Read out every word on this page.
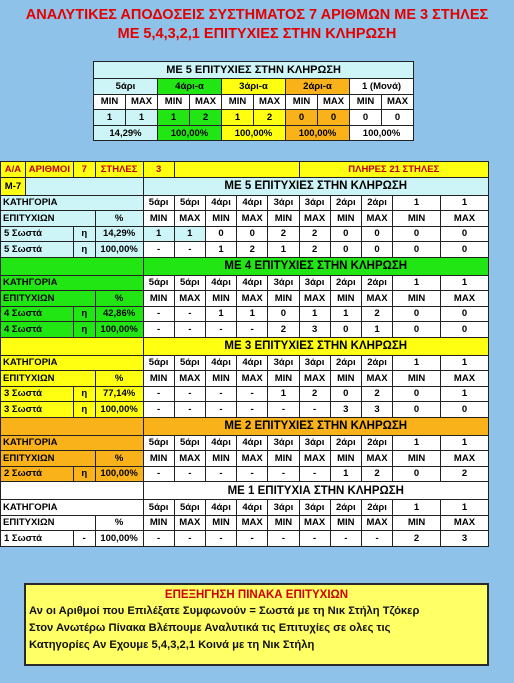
ΑΝΑΛΥΤΙΚΕΣ ΑΠΟΔΟΣΕΙΣ ΣΥΣΤΗΜΑΤΟΣ 7 ΑΡΙΘΜΩΝ ΜΕ 3 ΣΤΗΛΕΣ
ΜΕ 5,4,3,2,1 ΕΠΙΤΥΧΙΕΣ ΣΤΗΝ ΚΛΗΡΩΣΗ
ΜΕ 5 ΕΠΙΤΥΧΙΕΣ ΣΤΗΝ ΚΛΗΡΩΣΗ									
5άρι		4άρι-α		3άρι-α		2άρι-α		1 (Μονά)	
MIN	MAX	MIN	MAX	MIN	MAX	MIN	MAX	MIN	MAX
1	1	1	2	1	2	0	0	0	0
14,29%		100,00%		100,00%		100,00%		100,00%	
A/A	ΑΡΙΘΜΟΙ	7	ΣΤΗΛΕΣ	3					ΠΛΗΡΕΣ 21 ΣΤΗΛΕΣ				
M-7				ΜΕ 5 ΕΠΙΤΥΧΙΕΣ ΣΤΗΝ ΚΛΗΡΩΣΗ									
ΚΑΤΗΓΟΡΙΑ				5άρι	5άρι	4άρι	4άρι	3άρι	3άρι	2άρι	2άρι	1	1
ΕΠΙΤΥΧΙΩΝ			%	MIN	MAX	MIN	MAX	MIN	MAX	MIN	MAX	MIN	MAX
5 Σωστά		η	14,29%	1	1	0	0	2	2	0	0	0	0
5 Σωστά		η	100,00%	-	-	1	2	1	2	0	0	0	0
				ΜΕ 4 ΕΠΙΤΥΧΙΕΣ ΣΤΗΝ ΚΛΗΡΩΣΗ									
ΚΑΤΗΓΟΡΙΑ				5άρι	5άρι	4άρι	4άρι	3άρι	3άρι	2άρι	2άρι	1	1
ΕΠΙΤΥΧΙΩΝ			%	MIN	MAX	MIN	MAX	MIN	MAX	MIN	MAX	MIN	MAX
4 Σωστά		η	42,86%	-	-	1	1	0	1	1	2	0	0
4 Σωστά		η	100,00%	-	-	-	-	2	3	0	1	0	0
				ΜΕ 3 ΕΠΙΤΥΧΙΕΣ ΣΤΗΝ ΚΛΗΡΩΣΗ									
ΚΑΤΗΓΟΡΙΑ				5άρι	5άρι	4άρι	4άρι	3άρι	3άρι	2άρι	2άρι	1	1
ΕΠΙΤΥΧΙΩΝ			%	MIN	MAX	MIN	MAX	MIN	MAX	MIN	MAX	MIN	MAX
3 Σωστά		η	77,14%	-	-	-	-	1	2	0	2	0	1
3 Σωστά		η	100,00%	-	-	-	-	-	-	3	3	0	0
				ΜΕ 2 ΕΠΙΤΥΧΙΕΣ ΣΤΗΝ ΚΛΗΡΩΣΗ									
ΚΑΤΗΓΟΡΙΑ				5άρι	5άρι	4άρι	4άρι	3άρι	3άρι	2άρι	2άρι	1	1
ΕΠΙΤΥΧΙΩΝ			%	MIN	MAX	MIN	MAX	MIN	MAX	MIN	MAX	MIN	MAX
2 Σωστά		η	100,00%	-	-	-	-	-	-	1	2	0	2
				ΜΕ 1 ΕΠΙΤΥΧΙΑ ΣΤΗΝ ΚΛΗΡΩΣΗ									
ΚΑΤΗΓΟΡΙΑ				5άρι	5άρι	4άρι	4άρι	3άρι	3άρι	2άρι	2άρι	1	1
ΕΠΙΤΥΧΙΩΝ			%	MIN	MAX	MIN	MAX	MIN	MAX	MIN	MAX	MIN	MAX
1 Σωστά		-	100,00%	-	-	-	-	-	-	-	-	2	3
ΕΠΕΞΗΓΗΣΗ ΠΙΝΑΚΑ ΕΠΙΤΥΧΙΩΝ
Αν οι Αριθμοί που Επιλέξατε Συμφωνούν = Σωστά με τη Νικ Στήλη Τζόκερ
Στον Ανωτέρω Πίνακα Βλέπουμε Αναλυτικά τις Επιτυχίες σε ολες τις
Κατηγορίες Αν Εχουμε 5,4,3,2,1 Κοινά με τη Νικ Στήλη
